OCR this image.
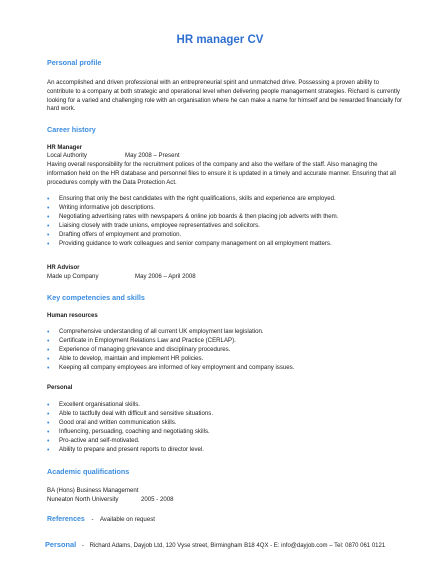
HR manager CV
Personal profile

An accomplished and driven professional with an entrepreneurial spirit and unmatched drive. Possessing a proven ability to contribute to a company at both strategic and operational level when delivering people management strategies. Richard is currently looking for a varied and challenging role with an organisation where he can make a name for himself and be rewarded financially for hard work.

Career history
HR Manager
Local Authority	May 2008 – Present

Having overall responsibility for the recruitment polices of the company and also the welfare of the staff. Also managing the information held on the HR database and personnel files to ensure it is updated in a timely and accurate manner. Ensuring that all procedures comply with the Data Protection Act.

• Ensuring that only the best candidates with the right qualifications, skills and experience are employed.
• Writing informative job descriptions.
• Negotiating advertising rates with newspapers & online job boards & then placing job adverts with them.
• Liaising closely with trade unions, employee representatives and solicitors.
• Drafting offers of employment and promotion.
• Providing guidance to work colleagues and senior company management on all employment matters.
HR Advisor
Made up Company	May 2006 – April 2008
Key competencies and skills
Human resources
• Comprehensive understanding of all current UK employment law legislation.
• Certificate in Employment Relations Law and Practice (CERLAP).
• Experience of managing grievance and disciplinary procedures.
• Able to develop, maintain and implement HR policies.
• Keeping all company employees are informed of key employment and company issues.
Personal
• Excellent organisational skills.
• Able to tactfully deal with difficult and sensitive situations.
• Good oral and written communication skills.
• Influencing, persuading, coaching and negotiating skills.
• Pro-active and self-motivated.
• Ability to prepare and present reports to director level.
Academic qualifications
BA (Hons) Business Management
Nuneaton North University	2005 - 2008
References - Available on request
Personal - Richard Adams, Dayjob Ltd, 120 Vyse street, Birmingham B18 4QX - E: info@dayjob.com – Tel: 0870 061 0121
